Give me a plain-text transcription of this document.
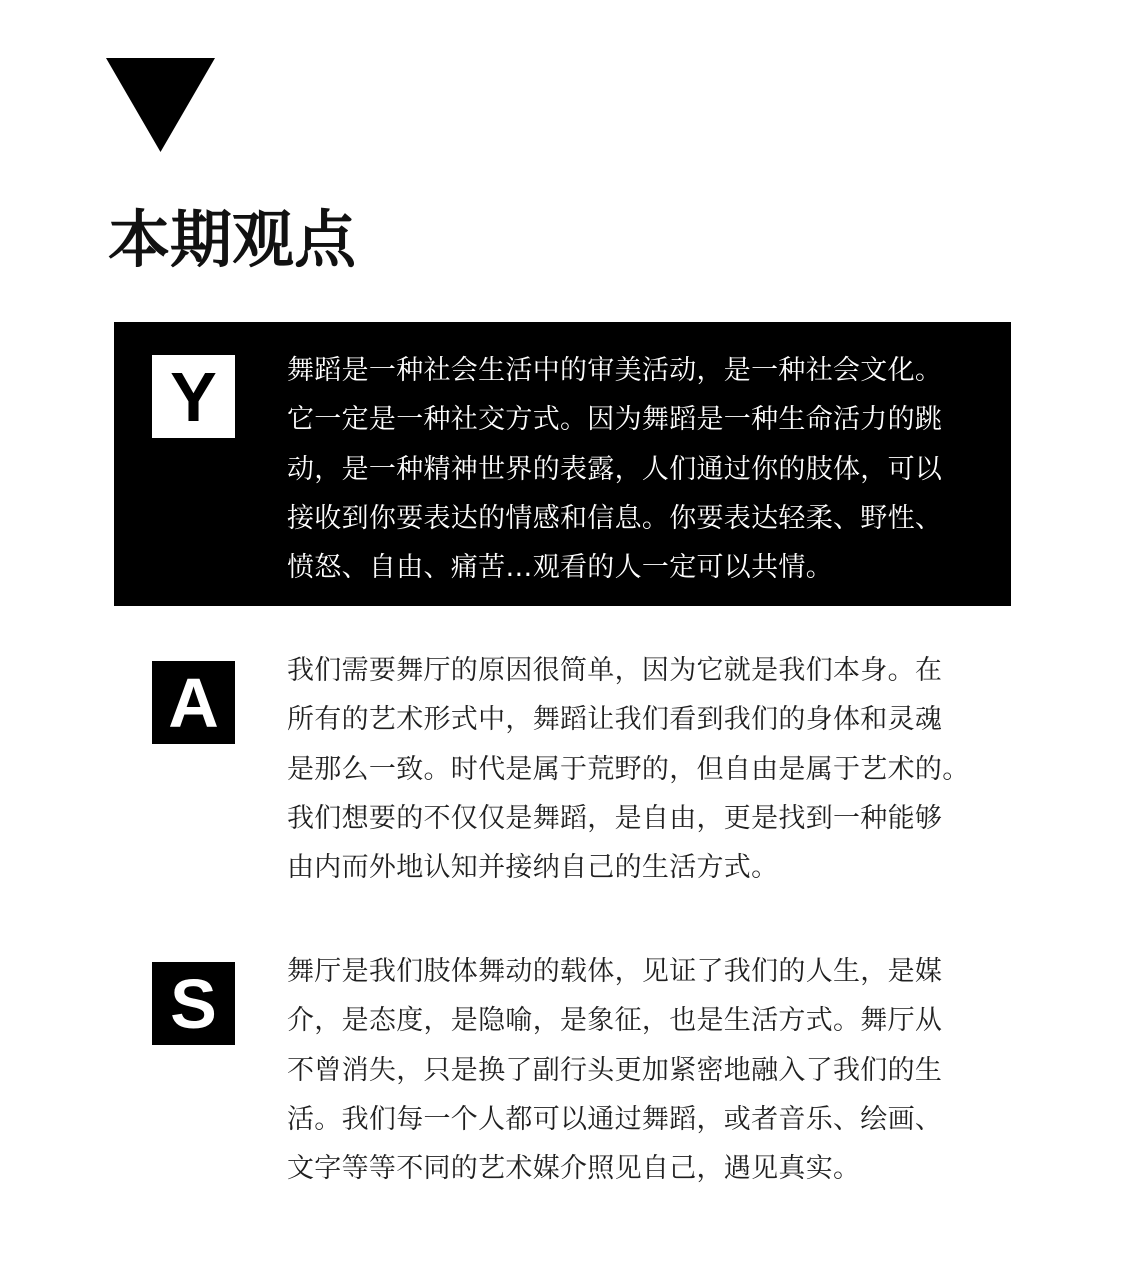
本期观点
Y	舞蹈是一种社会生活中的审美活动，是一种社会文化。
它一定是一种社交方式。因为舞蹈是一种生命活力的跳
动，是一种精神世界的表露，人们通过你的肢体，可以
接收到你要表达的情感和信息。你要表达轻柔、野性、
愤怒、自由、痛苦…观看的人一定可以共情。
A	我们需要舞厅的原因很简单，因为它就是我们本身。在
所有的艺术形式中，舞蹈让我们看到我们的身体和灵魂
是那么一致。时代是属于荒野的，但自由是属于艺术的。
我们想要的不仅仅是舞蹈，是自由，更是找到一种能够
由内而外地认知并接纳自己的生活方式。
S	舞厅是我们肢体舞动的载体，见证了我们的人生，是媒
介，是态度，是隐喻，是象征，也是生活方式。舞厅从
不曾消失，只是换了副行头更加紧密地融入了我们的生
活。我们每一个人都可以通过舞蹈，或者音乐、绘画、
文字等等不同的艺术媒介照见自己，遇见真实。
